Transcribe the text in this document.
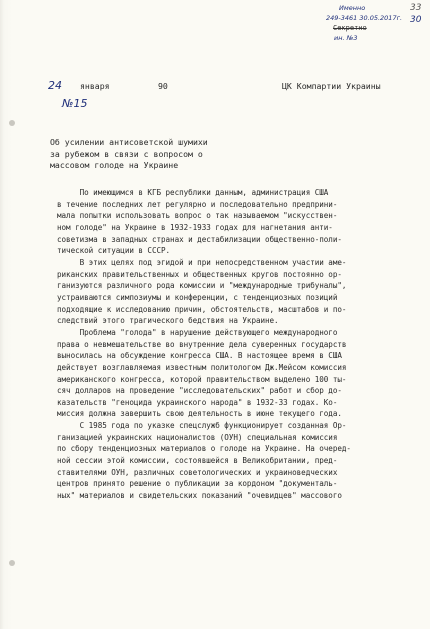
Именно
249-3461 30.05.2017г.
Секретно
ин. №3
33
30
24 января	90
№15
ЦК Компартии Украины
Об усилении антисоветской шумихи
за рубежом в связи с вопросом о
массовом голоде на Украине
По имеющимся в КГБ республики данным, администрация США
в течение последних лет регулярно и последовательно предприни-
мала попытки использовать вопрос о так называемом "искусствен-
ном голоде" на Украине в 1932-1933 годах для нагнетания анти-
советизма в западных странах и дестабилизации общественно-поли-
тической ситуации в СССР.
В этих целях под эгидой и при непосредственном участии аме-
риканских правительственных и общественных кругов постоянно ор-
ганизуются различного рода комиссии и "международные трибуналы",
устраиваются симпозиумы и конференции, с тенденциозных позиций
подходящие к исследованию причин, обстоятельств, масштабов и по-
следствий этого трагического бедствия на Украине.
Проблема "голода" в нарушение действующего международного
права о невмешательстве во внутренние дела суверенных государств
выносилась на обсуждение конгресса США. В настоящее время в США
действует возглавляемая известным политологом Дж.Мейсом комиссия
американского конгресса, которой правительством выделено 100 ты-
сяч долларов на проведение "исследовательских" работ и сбор до-
казательств "геноцида украинского народа" в 1932-33 годах. Ко-
миссия должна завершить свою деятельность в июне текущего года.
С 1985 года по указке спецслужб функционирует созданная Ор-
ганизацией украинских националистов (ОУН) специальная комиссия
по сбору тенденциозных материалов о голоде на Украине. На очеред-
ной сессии этой комиссии, состоявшейся в Великобритании, пред-
ставителями ОУН, различных советологических и украиноведческих
центров принято решение о публикации за кордоном "документаль-
ных" материалов и свидетельских показаний "очевидцев" массового
